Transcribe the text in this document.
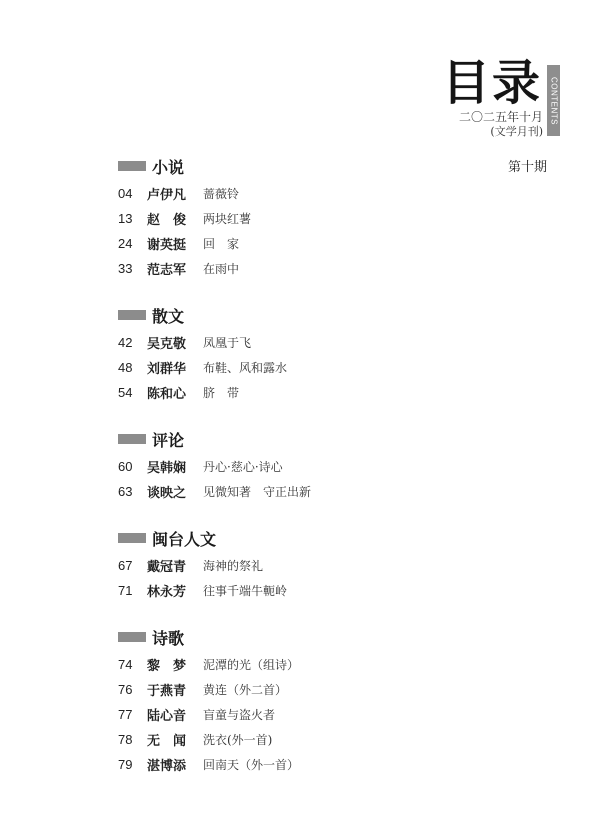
目录 CONTENTS
二〇二五年十月
(文学月刊)
第十期
小说
04	卢伊凡	蔷薇铃
13	赵　俊	两块红薯
24	谢英挺	回　家
33	范志军	在雨中
散文
42	吴克敬	凤凰于飞
48	刘群华	布鞋、风和露水
54	陈和心	脐　带
评论
60	吴韩娴	丹心·慈心·诗心
63	谈映之	见微知著　守正出新
闽台人文
67	戴冠青	海神的祭礼
71	林永芳	往事千端牛軛岭
诗歌
74	黎　梦	泥潭的光（组诗）
76	于燕青	黄连（外二首）
77	陆心音	盲童与盗火者
78	无　闻	洗衣(外一首)
79	湛博添	回南天（外一首）
